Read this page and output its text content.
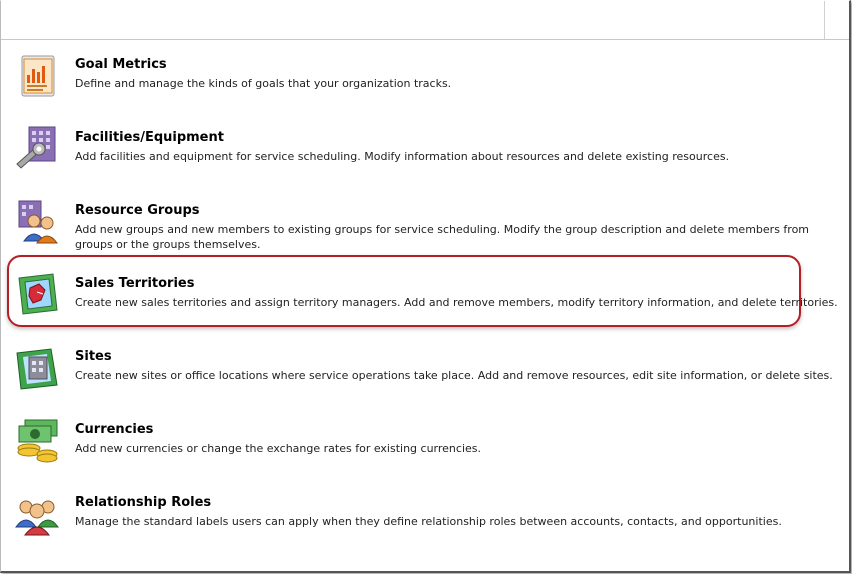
Goal Metrics
Define and manage the kinds of goals that your organization tracks.
Facilities/Equipment
Add facilities and equipment for service scheduling. Modify information about resources and delete existing resources.
Resource Groups
Add new groups and new members to existing groups for service scheduling. Modify the group description and delete members from groups or the groups themselves.
Sales Territories
Create new sales territories and assign territory managers. Add and remove members, modify territory information, and delete territories.
Sites
Create new sites or office locations where service operations take place. Add and remove resources, edit site information, or delete sites.
Currencies
Add new currencies or change the exchange rates for existing currencies.
Relationship Roles
Manage the standard labels users can apply when they define relationship roles between accounts, contacts, and opportunities.
